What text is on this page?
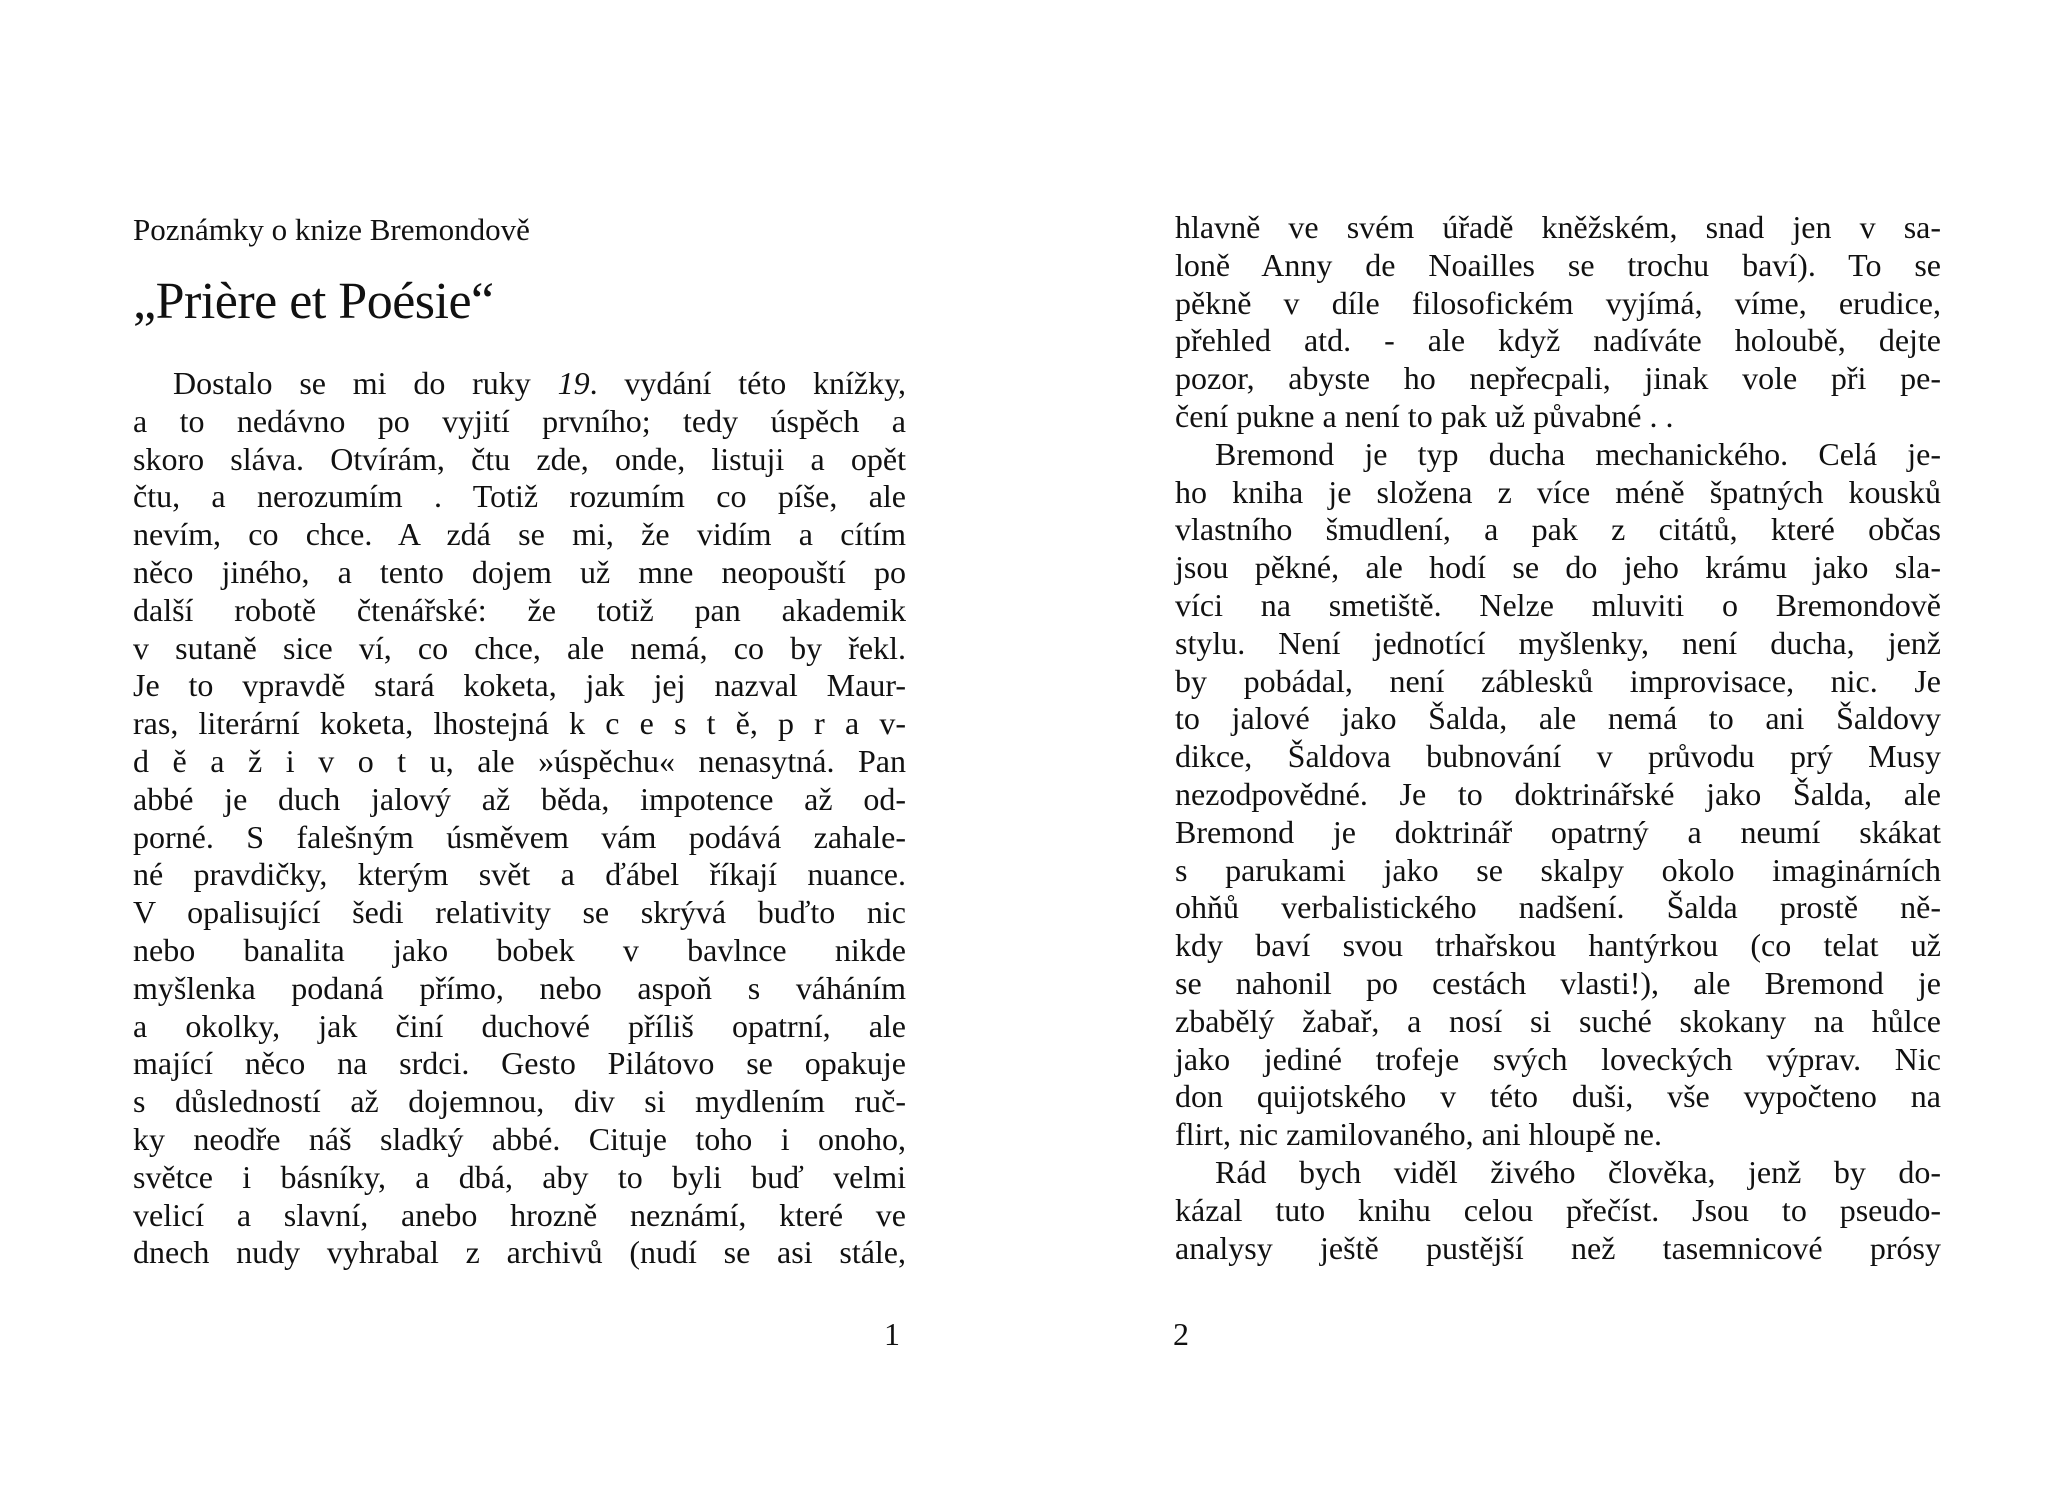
Poznámky o knize Bremondově
„Prière et Poésie“
Dostalo se mi do ruky 19. vydání této knížky,
a to nedávno po vyjití prvního; tedy úspěch a
skoro sláva. Otvírám, čtu zde, onde, listuji a opět
čtu, a nerozumím . Totiž rozumím co píše, ale
nevím, co chce. A zdá se mi, že vidím a cítím
něco jiného, a tento dojem už mne neopouští po
další robotě čtenářské: že totiž pan akademik
v sutaně sice ví, co chce, ale nemá, co by řekl.
Je to vpravdě stará koketa, jak jej nazval Maur-
ras, literární koketa, lhostejná k c e s t ě, p r a v-
d ě a ž i v o t u, ale »úspěchu« nenasytná. Pan
abbé je duch jalový až běda, impotence až od-
porné. S falešným úsměvem vám podává zahale-
né pravdičky, kterým svět a ďábel říkají nuance.
V opalisující šedi relativity se skrývá buďto nic
nebo banalita jako bobek v bavlnce nikde
myšlenka podaná přímo, nebo aspoň s váháním
a okolky, jak činí duchové příliš opatrní, ale
mající něco na srdci. Gesto Pilátovo se opakuje
s důsledností až dojemnou, div si mydlením ruč-
ky neodře náš sladký abbé. Cituje toho i onoho,
světce i básníky, a dbá, aby to byli buď velmi
velicí a slavní, anebo hrozně neznámí, které ve
dnech nudy vyhrabal z archivů (nudí se asi stále,
1
hlavně ve svém úřadě kněžském, snad jen v sa-
loně Anny de Noailles se trochu baví). To se
pěkně v díle filosofickém vyjímá, víme, erudice,
přehled atd. - ale když nadíváte holoubě, dejte
pozor, abyste ho nepřecpali, jinak vole při pe-
čení pukne a není to pak už půvabné . .
Bremond je typ ducha mechanického. Celá je-
ho kniha je složena z více méně špatných kousků
vlastního šmudlení, a pak z citátů, které občas
jsou pěkné, ale hodí se do jeho krámu jako sla-
víci na smetiště. Nelze mluviti o Bremondově
stylu. Není jednotící myšlenky, není ducha, jenž
by pobádal, není záblesků improvisace, nic. Je
to jalové jako Šalda, ale nemá to ani Šaldovy
dikce, Šaldova bubnování v průvodu prý Musy
nezodpovědné. Je to doktrinářské jako Šalda, ale
Bremond je doktrinář opatrný a neumí skákat
s parukami jako se skalpy okolo imaginárních
ohňů verbalistického nadšení. Šalda prostě ně-
kdy baví svou trhařskou hantýrkou (co telat už
se nahonil po cestách vlasti!), ale Bremond je
zbabělý žabař, a nosí si suché skokany na hůlce
jako jediné trofeje svých loveckých výprav. Nic
don quijotského v této duši, vše vypočteno na
flirt, nic zamilovaného, ani hloupě ne.
Rád bych viděl živého člověka, jenž by do-
kázal tuto knihu celou přečíst. Jsou to pseudo-
analysy ještě pustější než tasemnicové prósy
2
